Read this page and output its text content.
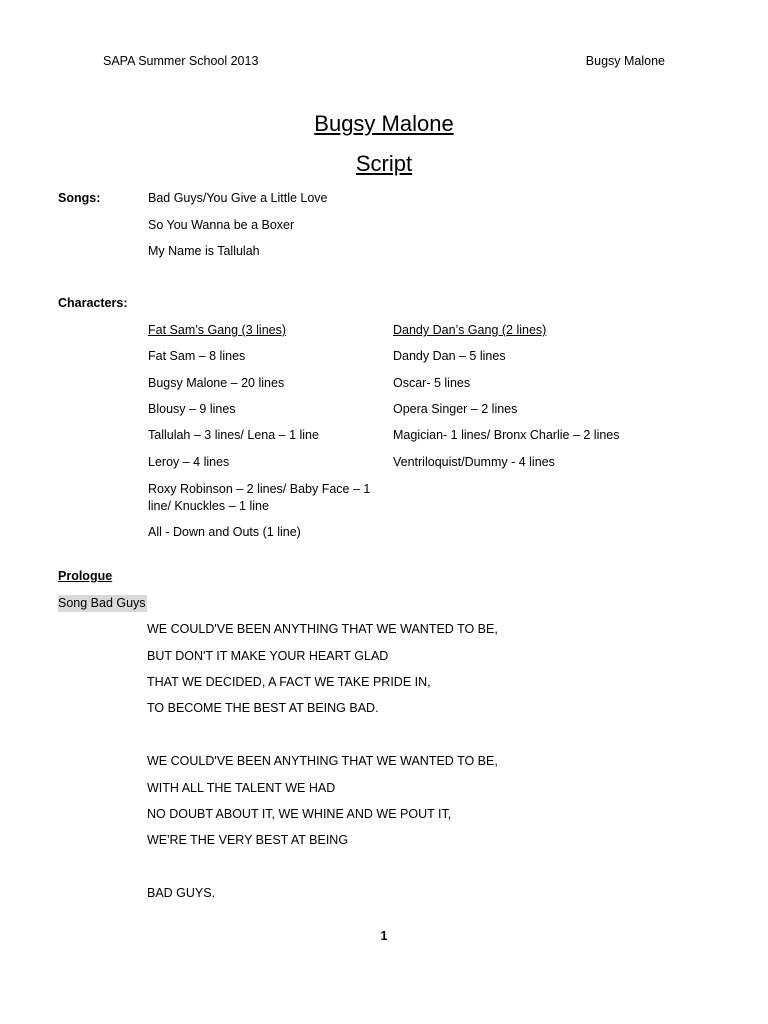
SAPA Summer School 2013	Bugsy Malone
Bugsy Malone
Script
Songs:	Bad Guys/You Give a Little Love
So You Wanna be a Boxer
My Name is Tallulah
Characters:
Fat Sam’s Gang (3 lines)	Dandy Dan’s Gang (2 lines)
Fat Sam – 8 lines	Dandy Dan – 5 lines
Bugsy Malone – 20 lines	Oscar- 5 lines
Blousy – 9 lines	Opera Singer – 2 lines
Tallulah – 3 lines/ Lena – 1 line	Magician- 1 lines/ Bronx Charlie – 2 lines
Leroy – 4 lines	Ventriloquist/Dummy - 4 lines
Roxy Robinson – 2 lines/ Baby Face – 1 line/ Knuckles – 1 line
All - Down and Outs (1 line)
Prologue
Song Bad Guys
WE COULD'VE BEEN ANYTHING THAT WE WANTED TO BE,
BUT DON'T IT MAKE YOUR HEART GLAD
THAT WE DECIDED, A FACT WE TAKE PRIDE IN,
TO BECOME THE BEST AT BEING BAD.
WE COULD'VE BEEN ANYTHING THAT WE WANTED TO BE,
WITH ALL THE TALENT WE HAD
NO DOUBT ABOUT IT, WE WHINE AND WE POUT IT,
WE'RE THE VERY BEST AT BEING
BAD GUYS.
1
